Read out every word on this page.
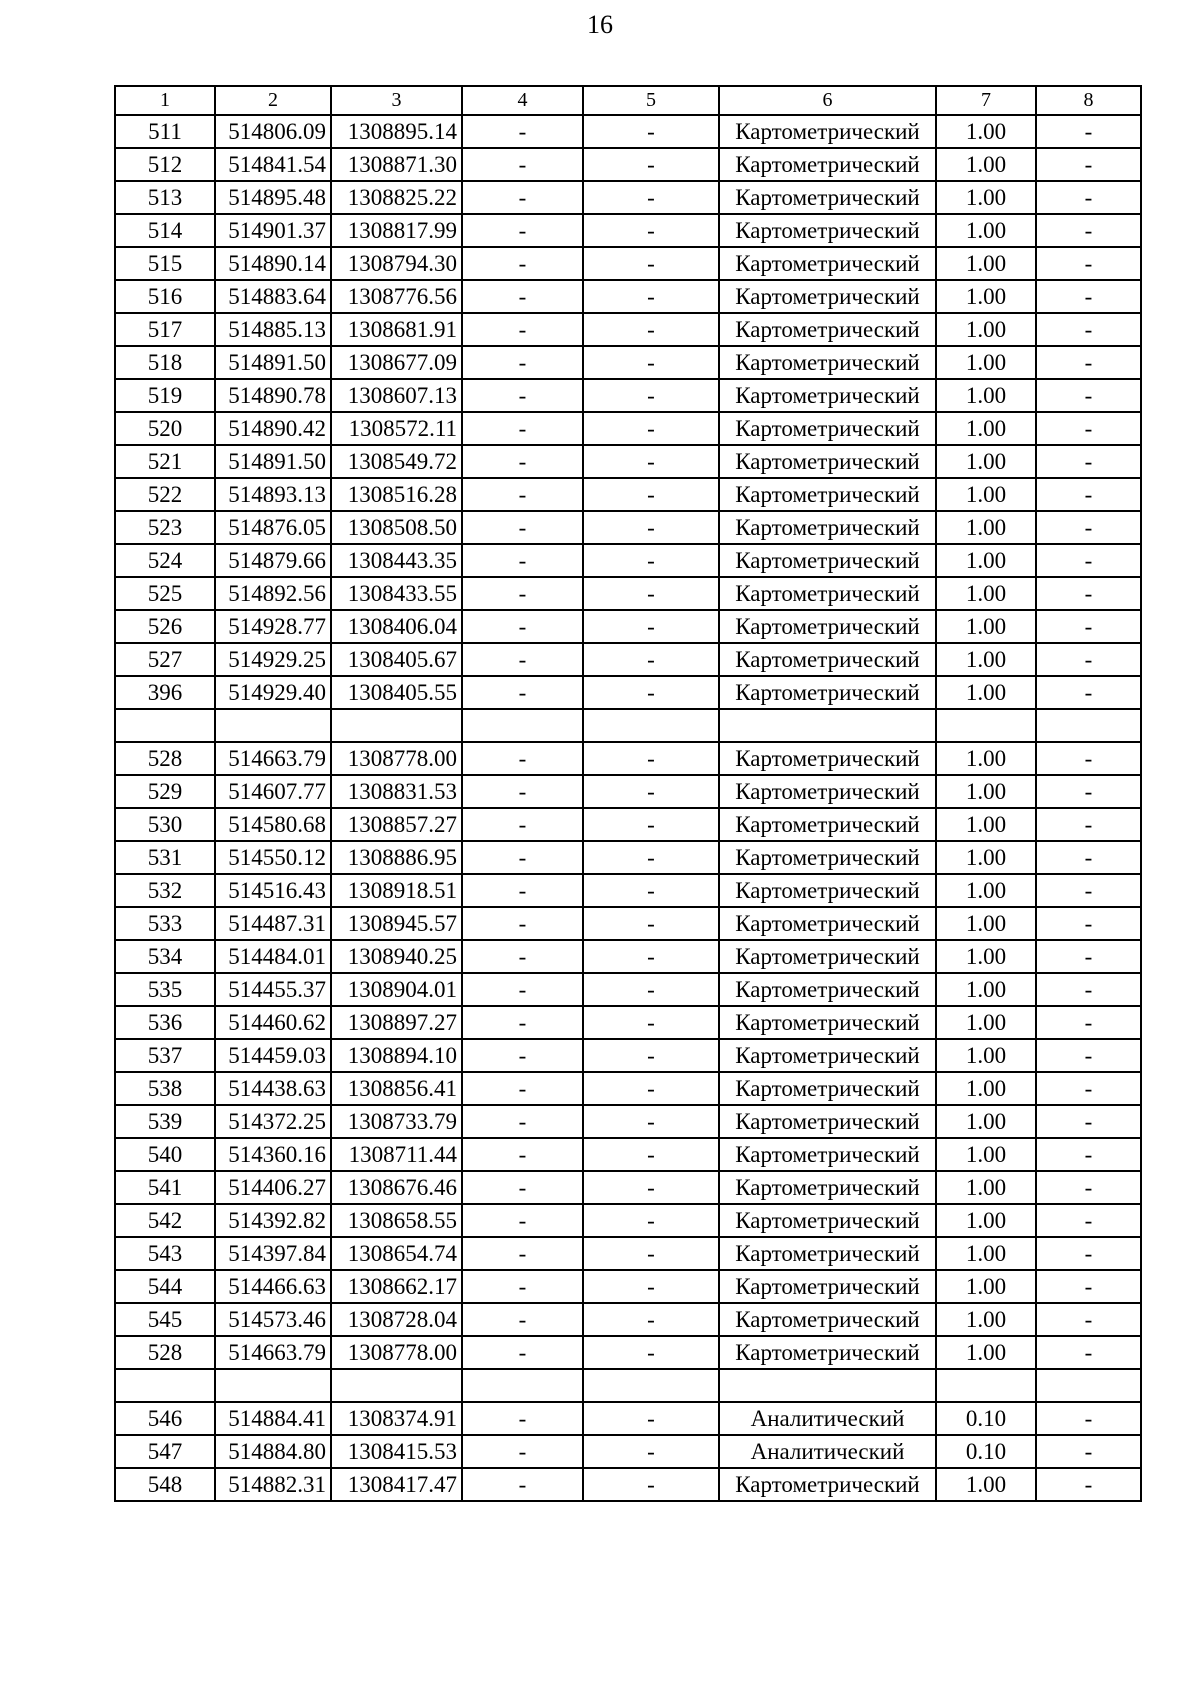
16
1	2	3	4	5	6	7	8
511	514806.09	1308895.14	-	-	Картометрический	1.00	-
512	514841.54	1308871.30	-	-	Картометрический	1.00	-
513	514895.48	1308825.22	-	-	Картометрический	1.00	-
514	514901.37	1308817.99	-	-	Картометрический	1.00	-
515	514890.14	1308794.30	-	-	Картометрический	1.00	-
516	514883.64	1308776.56	-	-	Картометрический	1.00	-
517	514885.13	1308681.91	-	-	Картометрический	1.00	-
518	514891.50	1308677.09	-	-	Картометрический	1.00	-
519	514890.78	1308607.13	-	-	Картометрический	1.00	-
520	514890.42	1308572.11	-	-	Картометрический	1.00	-
521	514891.50	1308549.72	-	-	Картометрический	1.00	-
522	514893.13	1308516.28	-	-	Картометрический	1.00	-
523	514876.05	1308508.50	-	-	Картометрический	1.00	-
524	514879.66	1308443.35	-	-	Картометрический	1.00	-
525	514892.56	1308433.55	-	-	Картометрический	1.00	-
526	514928.77	1308406.04	-	-	Картометрический	1.00	-
527	514929.25	1308405.67	-	-	Картометрический	1.00	-
396	514929.40	1308405.55	-	-	Картометрический	1.00	-

528	514663.79	1308778.00	-	-	Картометрический	1.00	-
529	514607.77	1308831.53	-	-	Картометрический	1.00	-
530	514580.68	1308857.27	-	-	Картометрический	1.00	-
531	514550.12	1308886.95	-	-	Картометрический	1.00	-
532	514516.43	1308918.51	-	-	Картометрический	1.00	-
533	514487.31	1308945.57	-	-	Картометрический	1.00	-
534	514484.01	1308940.25	-	-	Картометрический	1.00	-
535	514455.37	1308904.01	-	-	Картометрический	1.00	-
536	514460.62	1308897.27	-	-	Картометрический	1.00	-
537	514459.03	1308894.10	-	-	Картометрический	1.00	-
538	514438.63	1308856.41	-	-	Картометрический	1.00	-
539	514372.25	1308733.79	-	-	Картометрический	1.00	-
540	514360.16	1308711.44	-	-	Картометрический	1.00	-
541	514406.27	1308676.46	-	-	Картометрический	1.00	-
542	514392.82	1308658.55	-	-	Картометрический	1.00	-
543	514397.84	1308654.74	-	-	Картометрический	1.00	-
544	514466.63	1308662.17	-	-	Картометрический	1.00	-
545	514573.46	1308728.04	-	-	Картометрический	1.00	-
528	514663.79	1308778.00	-	-	Картометрический	1.00	-

546	514884.41	1308374.91	-	-	Аналитический	0.10	-
547	514884.80	1308415.53	-	-	Аналитический	0.10	-
548	514882.31	1308417.47	-	-	Картометрический	1.00	-
